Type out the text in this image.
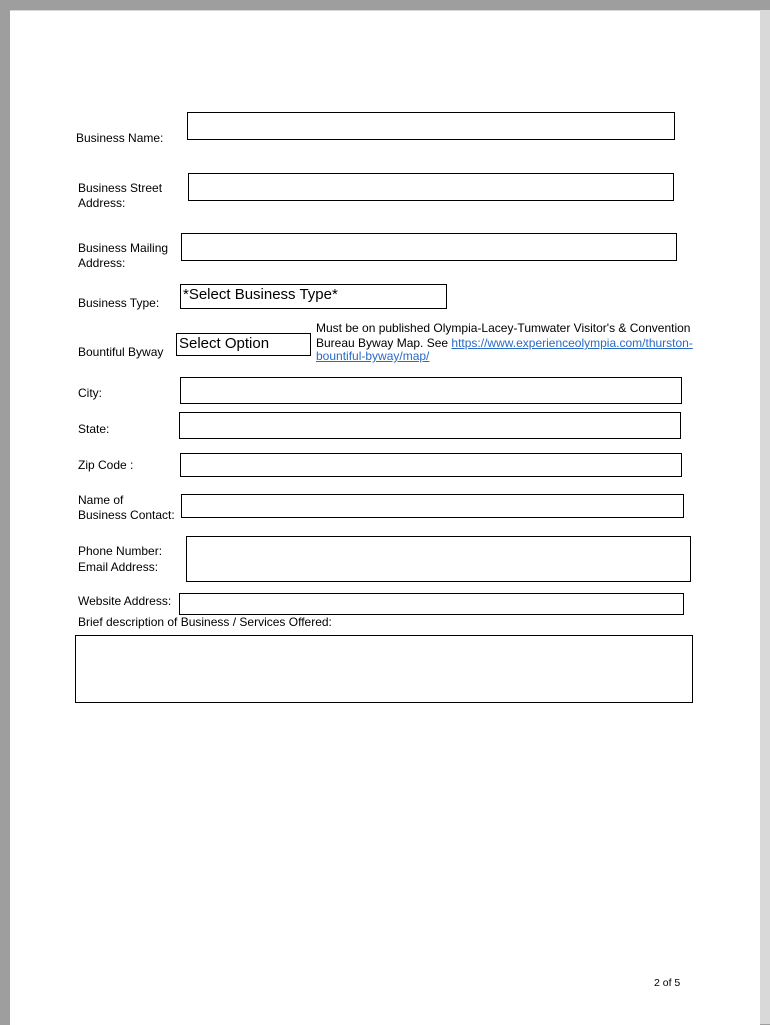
Business Name:
Business Street
Address:
Business Mailing
Address:
Business Type: *Select Business Type*
Bountiful Byway Select Option
Must be on published Olympia-Lacey-Tumwater Visitor's & Convention
Bureau Byway Map. See https://www.experienceolympia.com/thurston-
bountiful-byway/map/
City:
State:
Zip Code :
Name of
Business Contact:
Phone Number:
Email Address:
Website Address:
Brief description of Business / Services Offered:
2 of 5
